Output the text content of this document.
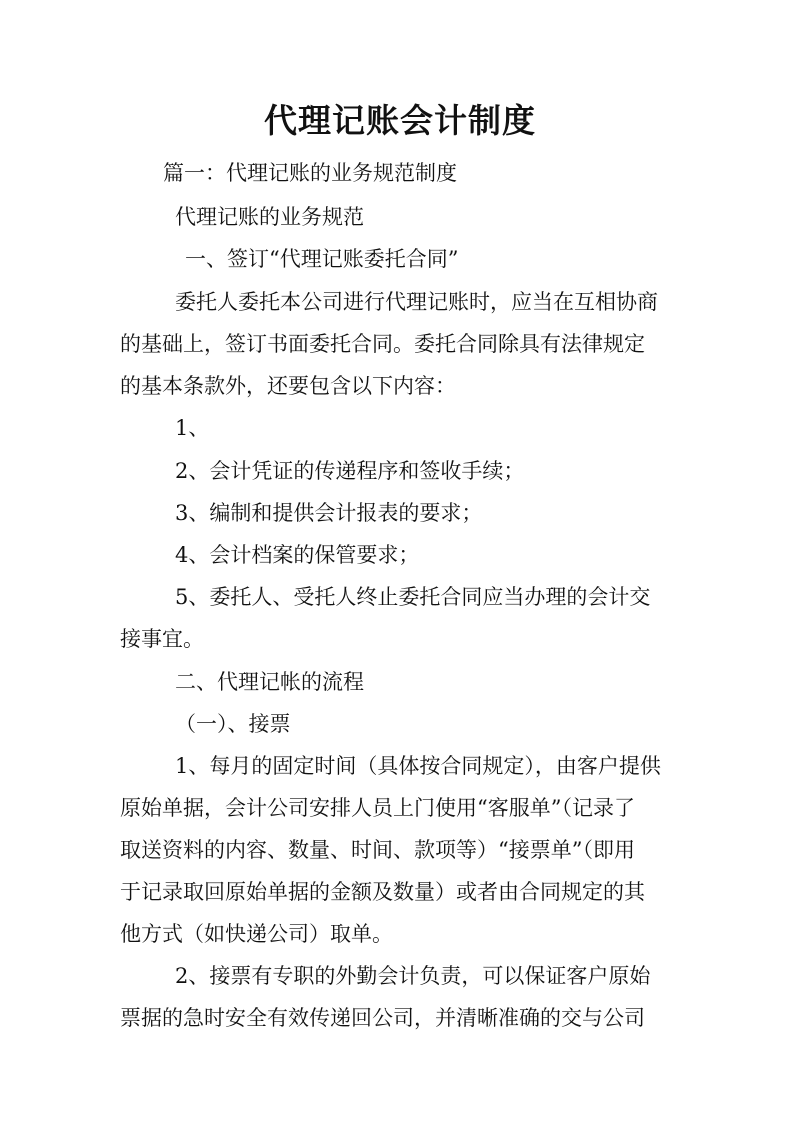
代理记账会计制度

篇一：代理记账的业务规范制度

代理记账的业务规范

一、签订“代理记账委托合同”

委托人委托本公司进行代理记账时，应当在互相协商

的基础上，签订书面委托合同。委托合同除具有法律规定

的基本条款外，还要包含以下内容：

1、

2、会计凭证的传递程序和签收手续；

3、编制和提供会计报表的要求；

4、会计档案的保管要求；

5、委托人、受托人终止委托合同应当办理的会计交

接事宜。

二、代理记帐的流程

（一）、接票

1、每月的固定时间（具体按合同规定），由客户提供

原始单据，会计公司安排人员上门使用“客服单”（记录了

取送资料的内容、数量、时间、款项等）“接票单”（即用

于记录取回原始单据的金额及数量）或者由合同规定的其

他方式（如快递公司）取单。

2、接票有专职的外勤会计负责，可以保证客户原始

票据的急时安全有效传递回公司，并清晰准确的交与公司
